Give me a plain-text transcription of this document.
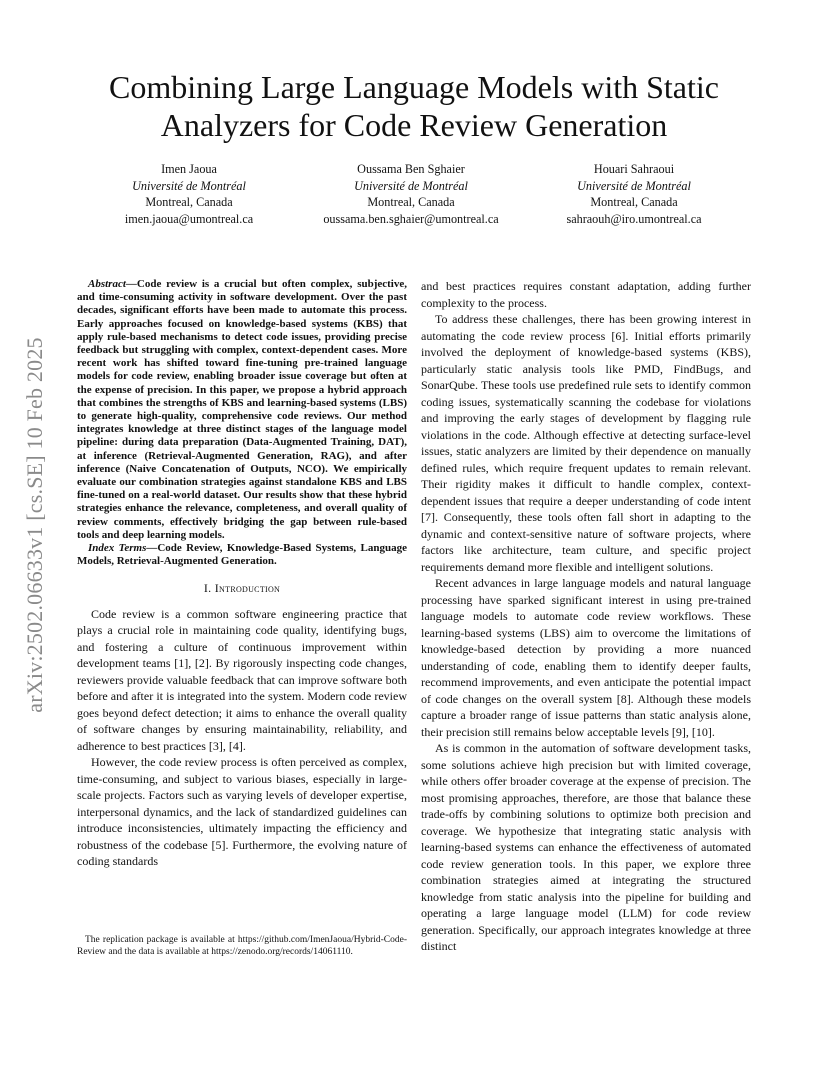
arXiv:2502.06633v1 [cs.SE] 10 Feb 2025
Combining Large Language Models with Static Analyzers for Code Review Generation
Imen Jaoua
Université de Montréal
Montreal, Canada
imen.jaoua@umontreal.ca
Oussama Ben Sghaier
Université de Montréal
Montreal, Canada
oussama.ben.sghaier@umontreal.ca
Houari Sahraoui
Université de Montréal
Montreal, Canada
sahraouh@iro.umontreal.ca

Abstract—Code review is a crucial but often complex, subjective, and time-consuming activity in software development. Over the past decades, significant efforts have been made to automate this process. Early approaches focused on knowledge-based systems (KBS) that apply rule-based mechanisms to detect code issues, providing precise feedback but struggling with complex, context-dependent cases. More recent work has shifted toward fine-tuning pre-trained language models for code review, enabling broader issue coverage but often at the expense of precision. In this paper, we propose a hybrid approach that combines the strengths of KBS and learning-based systems (LBS) to generate high-quality, comprehensive code reviews. Our method integrates knowledge at three distinct stages of the language model pipeline: during data preparation (Data-Augmented Training, DAT), at inference (Retrieval-Augmented Generation, RAG), and after inference (Naive Concatenation of Outputs, NCO). We empirically evaluate our combination strategies against standalone KBS and LBS fine-tuned on a real-world dataset. Our results show that these hybrid strategies enhance the relevance, completeness, and overall quality of review comments, effectively bridging the gap between rule-based tools and deep learning models.

Index Terms—Code Review, Knowledge-Based Systems, Language Models, Retrieval-Augmented Generation.

I. Introduction

Code review is a common software engineering practice that plays a crucial role in maintaining code quality, identifying bugs, and fostering a culture of continuous improvement within development teams [1], [2]. By rigorously inspecting code changes, reviewers provide valuable feedback that can improve software both before and after it is integrated into the system. Modern code review goes beyond defect detection; it aims to enhance the overall quality of software changes by ensuring maintainability, reliability, and adherence to best practices [3], [4].

However, the code review process is often perceived as complex, time-consuming, and subject to various biases, especially in large-scale projects. Factors such as varying levels of developer expertise, interpersonal dynamics, and the lack of standardized guidelines can introduce inconsistencies, ultimately impacting the efficiency and robustness of the codebase [5]. Furthermore, the evolving nature of coding standards

and best practices requires constant adaptation, adding further complexity to the process.

To address these challenges, there has been growing interest in automating the code review process [6]. Initial efforts primarily involved the deployment of knowledge-based systems (KBS), particularly static analysis tools like PMD, FindBugs, and SonarQube. These tools use predefined rule sets to identify common coding issues, systematically scanning the codebase for violations and improving the early stages of development by flagging rule violations in the code. Although effective at detecting surface-level issues, static analyzers are limited by their dependence on manually defined rules, which require frequent updates to remain relevant. Their rigidity makes it difficult to handle complex, context-dependent issues that require a deeper understanding of code intent [7]. Consequently, these tools often fall short in adapting to the dynamic and context-sensitive nature of software projects, where factors like architecture, team culture, and specific project requirements demand more flexible and intelligent solutions.

Recent advances in large language models and natural language processing have sparked significant interest in using pre-trained language models to automate code review workflows. These learning-based systems (LBS) aim to overcome the limitations of knowledge-based detection by providing a more nuanced understanding of code, enabling them to identify deeper faults, recommend improvements, and even anticipate the potential impact of code changes on the overall system [8]. Although these models capture a broader range of issue patterns than static analysis alone, their precision still remains below acceptable levels [9], [10].

As is common in the automation of software development tasks, some solutions achieve high precision but with limited coverage, while others offer broader coverage at the expense of precision. The most promising approaches, therefore, are those that balance these trade-offs by combining solutions to optimize both precision and coverage. We hypothesize that integrating static analysis with learning-based systems can enhance the effectiveness of automated code review generation tools. In this paper, we explore three combination strategies aimed at integrating the structured knowledge from static analysis into the pipeline for building and operating a large language model (LLM) for code review generation. Specifically, our approach integrates knowledge at three distinct

The replication package is available at https://github.com/ImenJaoua/Hybrid-Code-Review and the data is available at https://zenodo.org/records/14061110.
